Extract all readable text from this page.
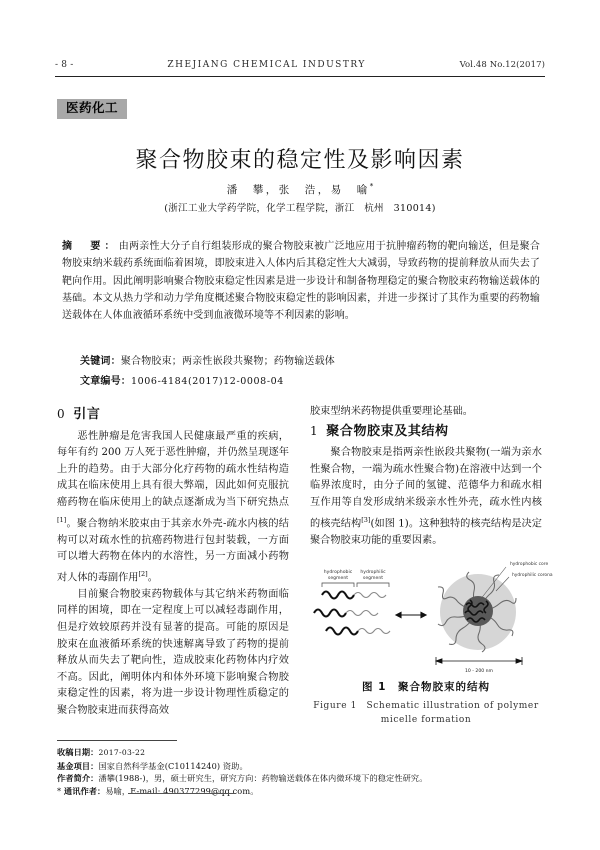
- 8 -	ZHEJIANG CHEMICAL INDUSTRY	Vol.48 No.12(2017)
医药化工
聚合物胶束的稳定性及影响因素
潘　攀，张　浩，易　喻*
(浙江工业大学药学院，化学工程学院，浙江　杭州　310014)
摘　要：由两亲性大分子自行组装形成的聚合物胶束被广泛地应用于抗肿瘤药物的靶向输送，但是聚合物胶束纳米载药系统面临着困境，即胶束进入人体内后其稳定性大大减弱，导致药物的提前释放从而失去了靶向作用。因此阐明影响聚合物胶束稳定性因素是进一步设计和制备物理稳定的聚合物胶束药物输送载体的基础。本文从热力学和动力学角度概述聚合物胶束稳定性的影响因素，并进一步探讨了其作为重要的药物输送载体在人体血液循环系统中受到血液微环境等不利因素的影响。
关键词：聚合物胶束；两亲性嵌段共聚物；药物输送载体
文章编号：1006-4184(2017)12-0008-04
0 引言

恶性肿瘤是危害我国人民健康最严重的疾病，每年有约 200 万人死于恶性肿瘤，并仍然呈现逐年上升的趋势。由于大部分化疗药物的疏水性结构造成其在临床使用上具有很大弊端，因此如何克服抗癌药物在临床使用上的缺点逐渐成为当下研究热点[1]。聚合物纳米胶束由于其亲水外壳-疏水内核的结构可以对疏水性的抗癌药物进行包封装载，一方面可以增大药物在体内的水溶性，另一方面减小药物对人体的毒副作用[2]。

目前聚合物胶束药物载体与其它纳米药物面临同样的困境，即在一定程度上可以减轻毒副作用，但是疗效较原药并没有显著的提高。可能的原因是胶束在血液循环系统的快速解离导致了药物的提前释放从而失去了靶向性，造成胶束化药物体内疗效不高。因此，阐明体内和体外环境下影响聚合物胶束稳定性的因素，将为进一步设计物理性质稳定的聚合物胶束进而获得高效

胶束型纳米药物提供重要理论基础。

1 聚合物胶束及其结构

聚合物胶束是指两亲性嵌段共聚物(一端为亲水性聚合物，一端为疏水性聚合物)在溶液中达到一个临界浓度时，由分子间的氢键、范德华力和疏水相互作用等自发形成纳米级亲水性外壳，疏水性内核的核壳结构[3](如图 1)。这种独特的核壳结构是决定聚合物胶束功能的重要因素。

hydrophobic
segment
hydrophilic
segment
hydrophobic core
hydrophilic corona
10 - 200 nm
图 1　聚合物胶束的结构
Figure 1　Schematic illustration of polymer
micelle formation
收稿日期：2017-03-22
基金项目：国家自然科学基金(C10114240) 资助。
作者简介：潘攀(1988-)，男，硕士研究生，研究方向：药物输送载体在体内微环境下的稳定性研究。
* 通讯作者：易喻，E-mail: 490377299@qq.com。
